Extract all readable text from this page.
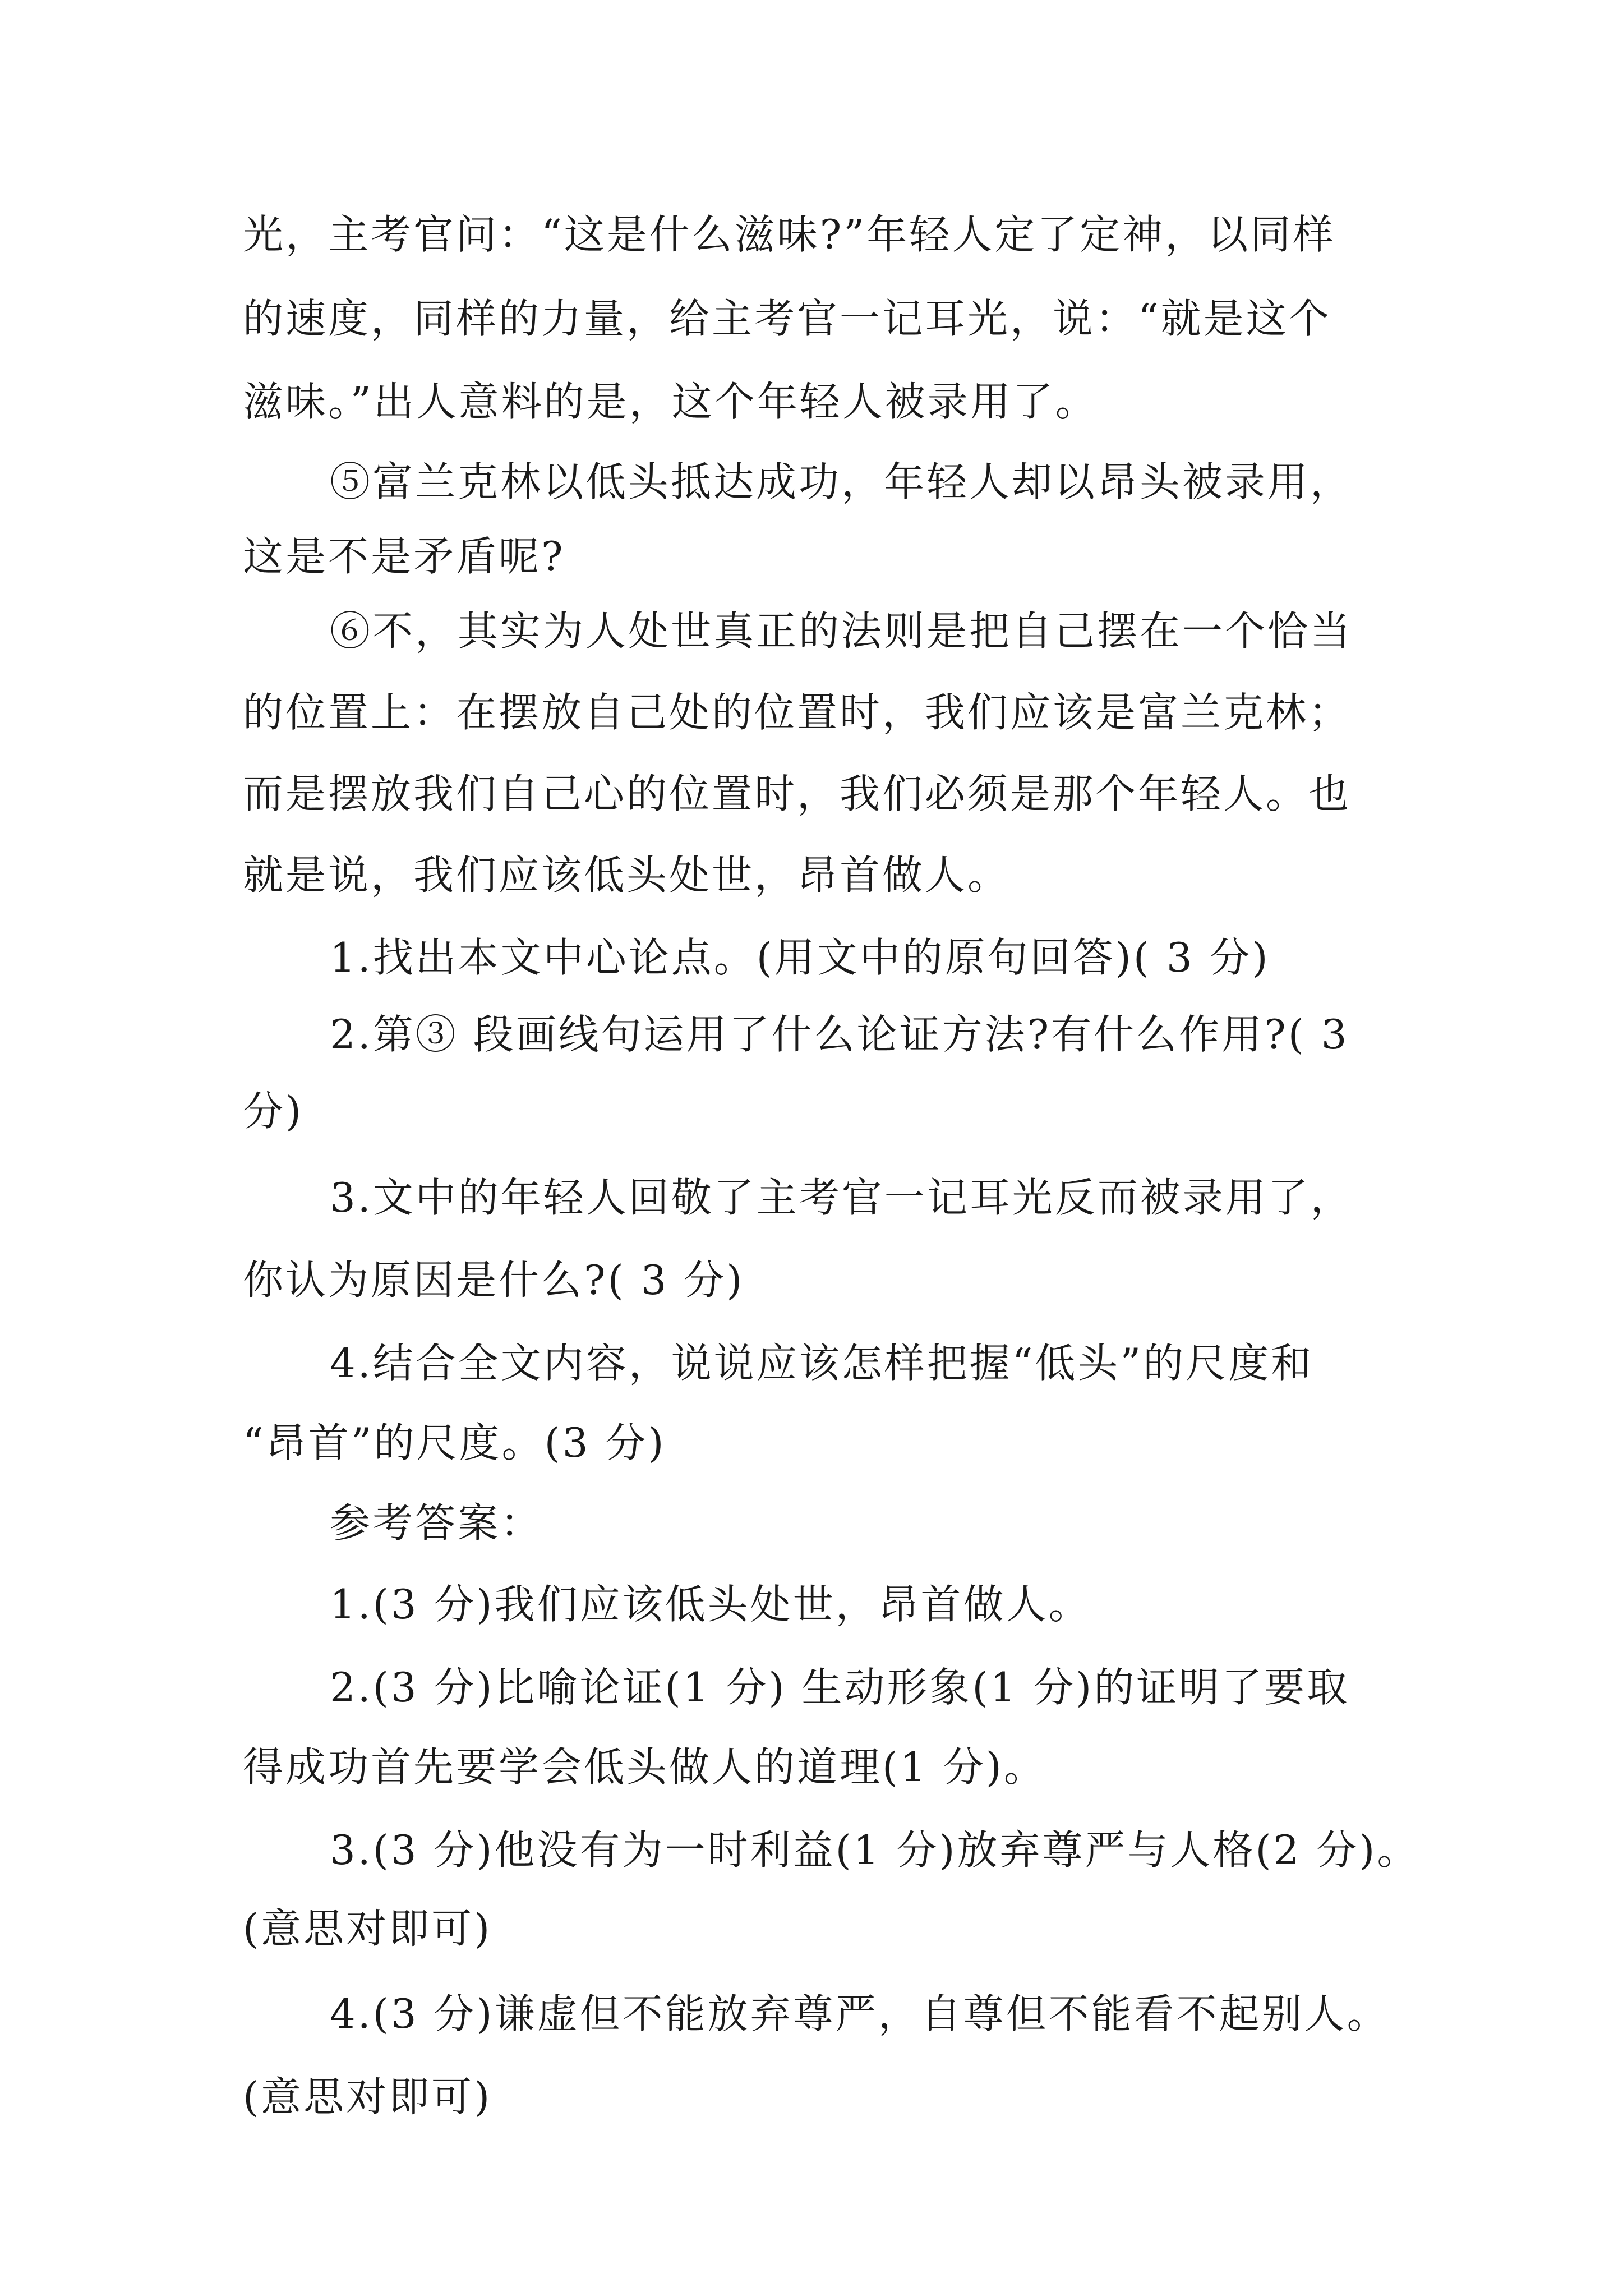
光，主考官问：“这是什么滋味?”年轻人定了定神，以同样
的速度，同样的力量，给主考官一记耳光，说：“就是这个
滋味。”出人意料的是，这个年轻人被录用了。
⑤富兰克林以低头抵达成功，年轻人却以昂头被录用，
这是不是矛盾呢?
⑥不，其实为人处世真正的法则是把自己摆在一个恰当
的位置上：在摆放自己处的位置时，我们应该是富兰克林；
而是摆放我们自己心的位置时，我们必须是那个年轻人。也
就是说，我们应该低头处世，昂首做人。
1.找出本文中心论点。(用文中的原句回答)( 3 分)
2.第③ 段画线句运用了什么论证方法?有什么作用?( 3
分)
3.文中的年轻人回敬了主考官一记耳光反而被录用了，
你认为原因是什么?( 3 分)
4.结合全文内容，说说应该怎样把握“低头”的尺度和
“昂首”的尺度。(3 分)
参考答案：
1.(3 分)我们应该低头处世，昂首做人。
2.(3 分)比喻论证(1 分) 生动形象(1 分)的证明了要取
得成功首先要学会低头做人的道理(1 分)。
3.(3 分)他没有为一时利益(1 分)放弃尊严与人格(2 分)。
(意思对即可)
4.(3 分)谦虚但不能放弃尊严，自尊但不能看不起别人。
(意思对即可)
